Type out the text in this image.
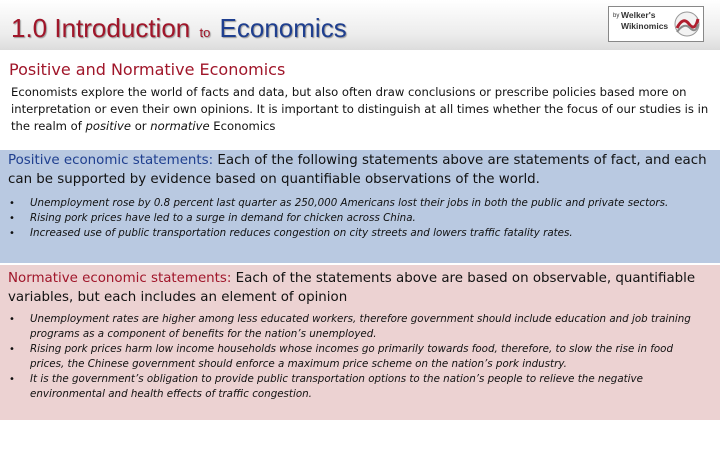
1.0 Introduction to Economics	by Welker's
Wikinomics
Positive and Normative Economics
Economists explore the world of facts and data, but also often draw conclusions or prescribe policies based more on interpretation or even their own opinions. It is important to distinguish at all times whether the focus of our studies is in the realm of positive or normative Economics
Positive economic statements: Each of the following statements above are statements of fact, and each can be supported by evidence based on quantifiable observations of the world.
• Unemployment rose by 0.8 percent last quarter as 250,000 Americans lost their jobs in both the public and private sectors.
• Rising pork prices have led to a surge in demand for chicken across China.
• Increased use of public transportation reduces congestion on city streets and lowers traffic fatality rates.
Normative economic statements: Each of the statements above are based on observable, quantifiable variables, but each includes an element of opinion
• Unemployment rates are higher among less educated workers, therefore government should include education and job training programs as a component of benefits for the nation’s unemployed.
• Rising pork prices harm low income households whose incomes go primarily towards food, therefore, to slow the rise in food prices, the Chinese government should enforce a maximum price scheme on the nation’s pork industry.
• It is the government’s obligation to provide public transportation options to the nation’s people to relieve the negative environmental and health effects of traffic congestion.
